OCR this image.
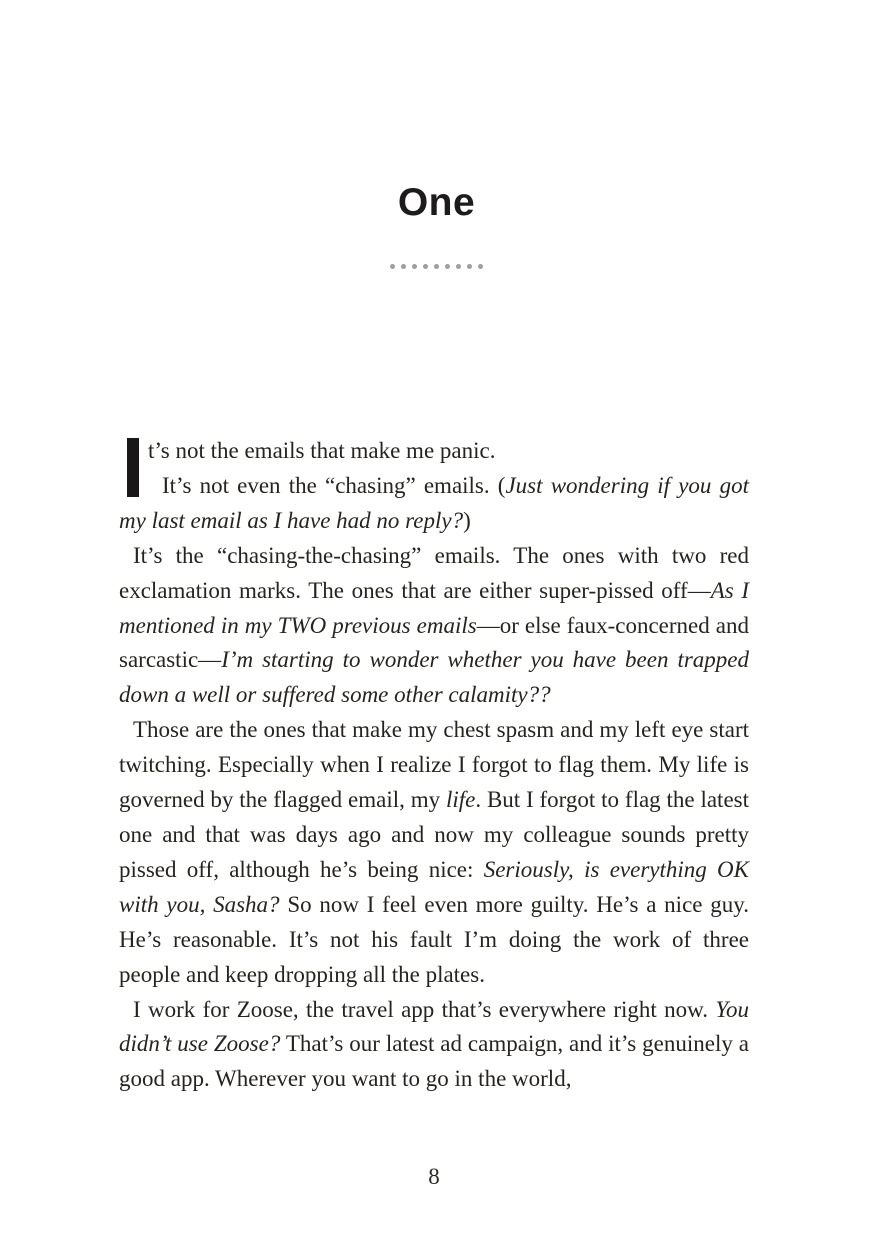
One

t’s not the emails that make me panic.

It’s not even the “chasing” emails. (Just wondering if you got my last email as I have had no reply?)

It’s the “chasing-the-chasing” emails. The ones with two red exclamation marks. The ones that are either super-pissed off—As I mentioned in my TWO previous emails—or else faux-concerned and sarcastic—I’m starting to wonder whether you have been trapped down a well or suffered some other calamity??

Those are the ones that make my chest spasm and my left eye start twitching. Especially when I realize I forgot to flag them. My life is governed by the flagged email, my life. But I forgot to flag the latest one and that was days ago and now my colleague sounds pretty pissed off, although he’s being nice: Seriously, is everything OK with you, Sasha? So now I feel even more guilty. He’s a nice guy. He’s reasonable. It’s not his fault I’m doing the work of three people and keep dropping all the plates.

I work for Zoose, the travel app that’s everywhere right now. You didn’t use Zoose? That’s our latest ad campaign, and it’s genuinely a good app. Wherever you want to go in the world,

8
